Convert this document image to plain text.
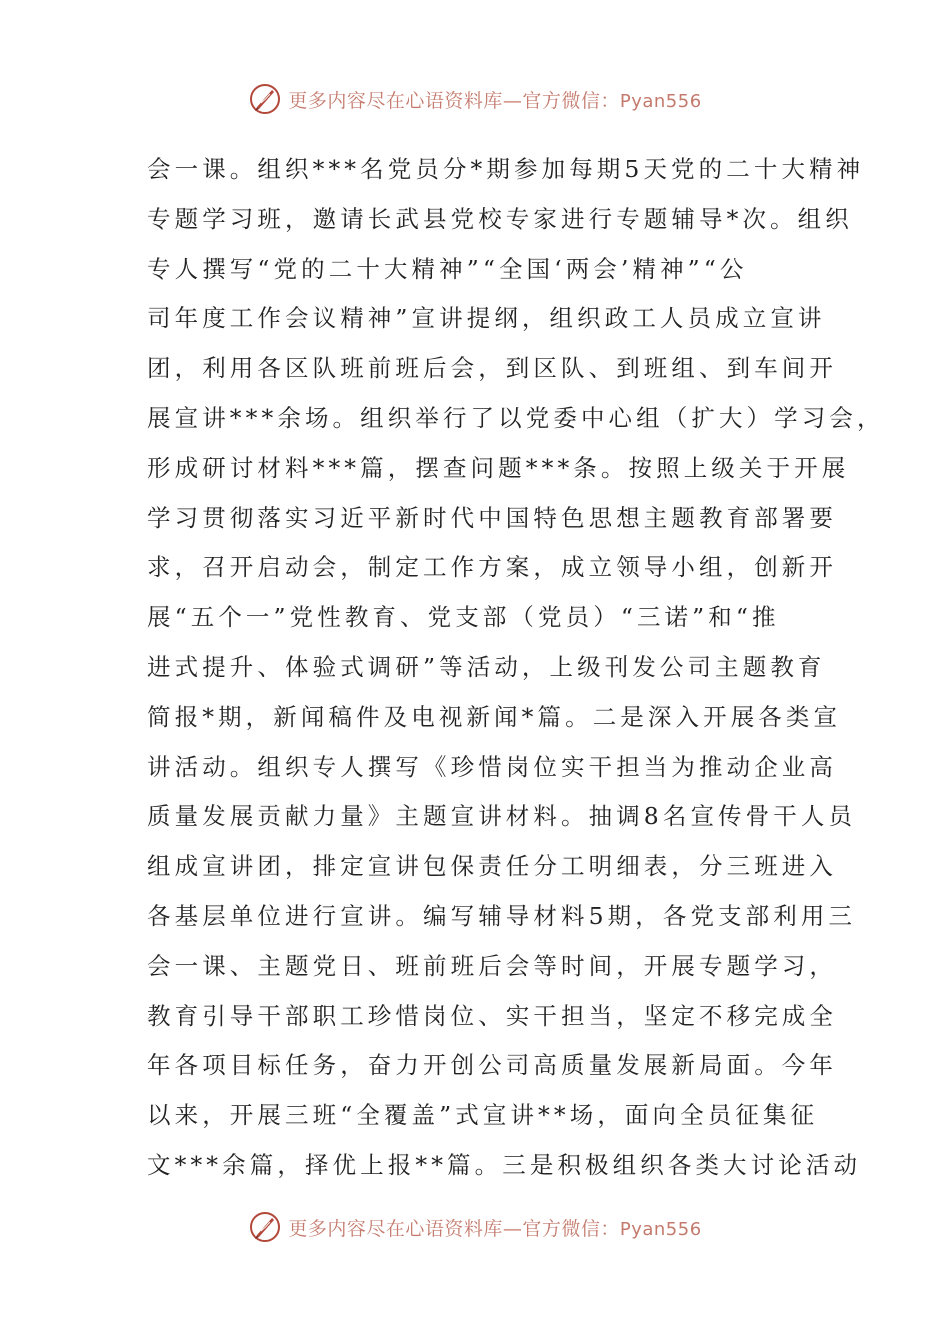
更多内容尽在心语资料库—官方微信：Pyan556
会一课。组织***名党员分*期参加每期5天党的二十大精神
专题学习班，邀请长武县党校专家进行专题辅导*次。组织
专人撰写“党的二十大精神”“全国‘两会’精神”“公
司年度工作会议精神”宣讲提纲，组织政工人员成立宣讲
团，利用各区队班前班后会，到区队、到班组、到车间开
展宣讲***余场。组织举行了以党委中心组（扩大）学习会，
形成研讨材料***篇，摆查问题***条。按照上级关于开展
学习贯彻落实习近平新时代中国特色思想主题教育部署要
求，召开启动会，制定工作方案，成立领导小组，创新开
展“五个一”党性教育、党支部（党员）“三诺”和“推
进式提升、体验式调研”等活动，上级刊发公司主题教育
简报*期，新闻稿件及电视新闻*篇。二是深入开展各类宣
讲活动。组织专人撰写《珍惜岗位实干担当为推动企业高
质量发展贡献力量》主题宣讲材料。抽调8名宣传骨干人员
组成宣讲团，排定宣讲包保责任分工明细表，分三班进入
各基层单位进行宣讲。编写辅导材料5期，各党支部利用三
会一课、主题党日、班前班后会等时间，开展专题学习，
教育引导干部职工珍惜岗位、实干担当，坚定不移完成全
年各项目标任务，奋力开创公司高质量发展新局面。今年
以来，开展三班“全覆盖”式宣讲**场，面向全员征集征
文***余篇，择优上报**篇。三是积极组织各类大讨论活动
更多内容尽在心语资料库—官方微信：Pyan556
